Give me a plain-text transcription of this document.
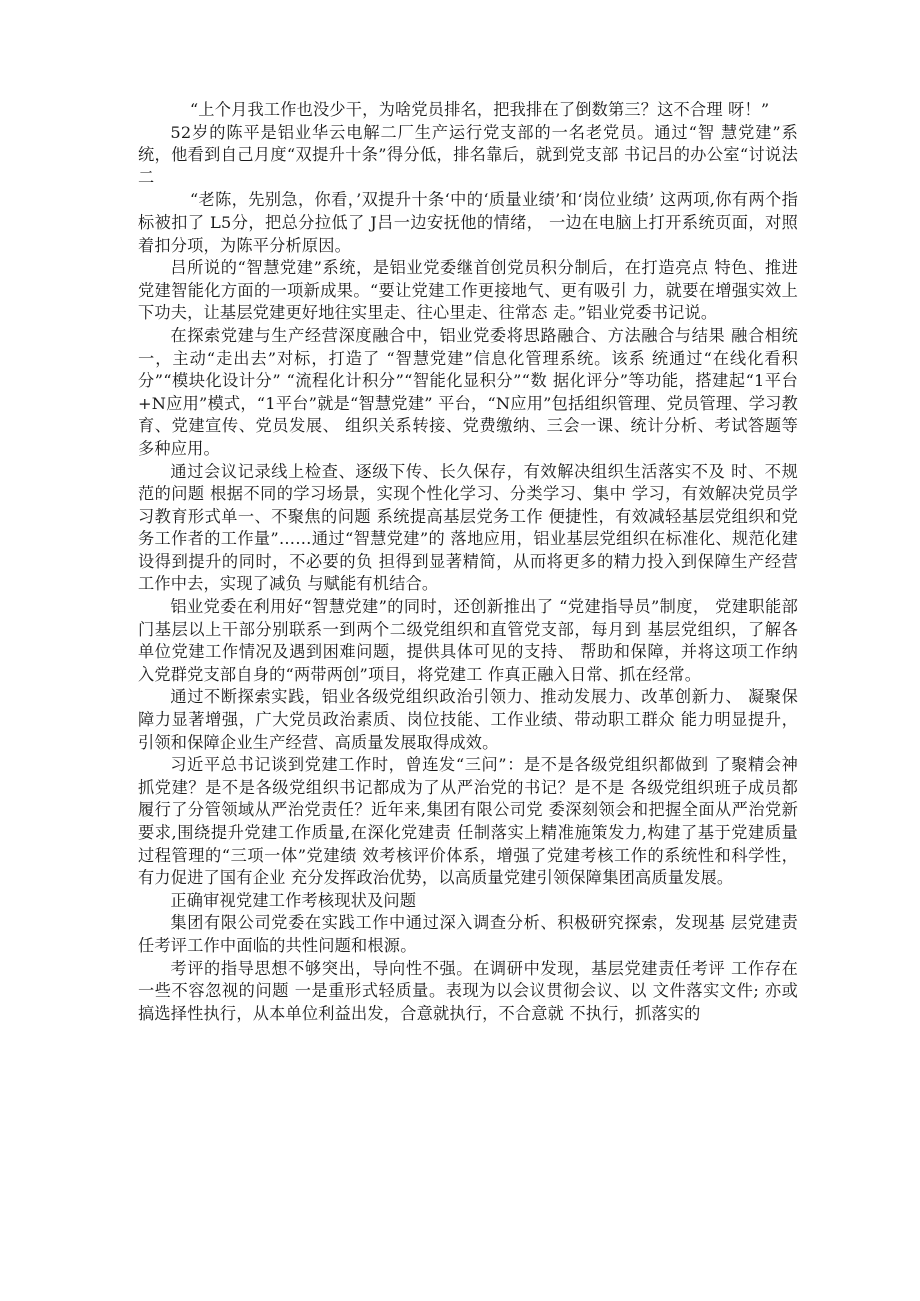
“上个月我工作也没少干，为啥党员排名，把我排在了倒数第三？这不合理 呀！”

52岁的陈平是铝业华云电解二厂生产运行党支部的一名老党员。通过“智 慧党建”系统，他看到自己月度“双提升十条”得分低，排名靠后，就到党支部 书记吕的办公室“讨说法二

“老陈，先别急，你看，’双提升十条‘中的‘质量业绩’和‘岗位业绩’ 这两项,你有两个指标被扣了 L5分，把总分拉低了 J吕一边安抚他的情绪， 一边在电脑上打开系统页面，对照着扣分项，为陈平分析原因。

吕所说的“智慧党建”系统，是铝业党委继首创党员积分制后，在打造亮点 特色、推进党建智能化方面的一项新成果。“要让党建工作更接地气、更有吸引 力，就要在增强实效上下功夫，让基层党建更好地往实里走、往心里走、往常态 走。”铝业党委书记说。

在探索党建与生产经营深度融合中，铝业党委将思路融合、方法融合与结果 融合相统一，主动“走出去”对标，打造了 “智慧党建”信息化管理系统。该系 统通过“在线化看积分”“模块化设计分” “流程化计积分”“智能化显积分”“数 据化评分”等功能，搭建起“1平台+N应用”模式，“1平台”就是“智慧党建” 平台，“N应用”包括组织管理、党员管理、学习教育、党建宣传、党员发展、 组织关系转接、党费缴纳、三会一课、统计分析、考试答题等多种应用。

通过会议记录线上检查、逐级下传、长久保存，有效解决组织生活落实不及 时、不规范的问题 根据不同的学习场景，实现个性化学习、分类学习、集中 学习，有效解决党员学习教育形式单一、不聚焦的问题 系统提高基层党务工作 便捷性，有效减轻基层党组织和党务工作者的工作量”……通过“智慧党建”的 落地应用，铝业基层党组织在标准化、规范化建设得到提升的同时，不必要的负 担得到显著精简，从而将更多的精力投入到保障生产经营工作中去，实现了减负 与赋能有机结合。

铝业党委在利用好“智慧党建”的同时，还创新推出了 “党建指导员”制度， 党建职能部门基层以上干部分别联系一到两个二级党组织和直管党支部，每月到 基层党组织，了解各单位党建工作情况及遇到困难问题，提供具体可见的支持、 帮助和保障，并将这项工作纳入党群党支部自身的“两带两创”项目，将党建工 作真正融入日常、抓在经常。

通过不断探索实践，铝业各级党组织政治引领力、推动发展力、改革创新力、 凝聚保障力显著增强，广大党员政治素质、岗位技能、工作业绩、带动职工群众 能力明显提升，引领和保障企业生产经营、高质量发展取得成效。

习近平总书记谈到党建工作时，曾连发“三问”：是不是各级党组织都做到 了聚精会神抓党建？是不是各级党组织书记都成为了从严治党的书记？是不是 各级党组织班子成员都履行了分管领域从严治党责任？近年来,集团有限公司党 委深刻领会和把握全面从严治党新要求,围绕提升党建工作质量,在深化党建责 任制落实上精准施策发力,构建了基于党建质量过程管理的“三项一体”党建绩 效考核评价体系，增强了党建考核工作的系统性和科学性，有力促进了国有企业 充分发挥政治优势，以高质量党建引领保障集团高质量发展。

正确审视党建工作考核现状及问题

集团有限公司党委在实践工作中通过深入调查分析、积极研究探索，发现基 层党建责任考评工作中面临的共性问题和根源。

考评的指导思想不够突出，导向性不强。在调研中发现，基层党建责任考评 工作存在一些不容忽视的问题 一是重形式轻质量。表现为以会议贯彻会议、以 文件落实文件; 亦或搞选择性执行，从本单位利益出发，合意就执行，不合意就 不执行，抓落实的
